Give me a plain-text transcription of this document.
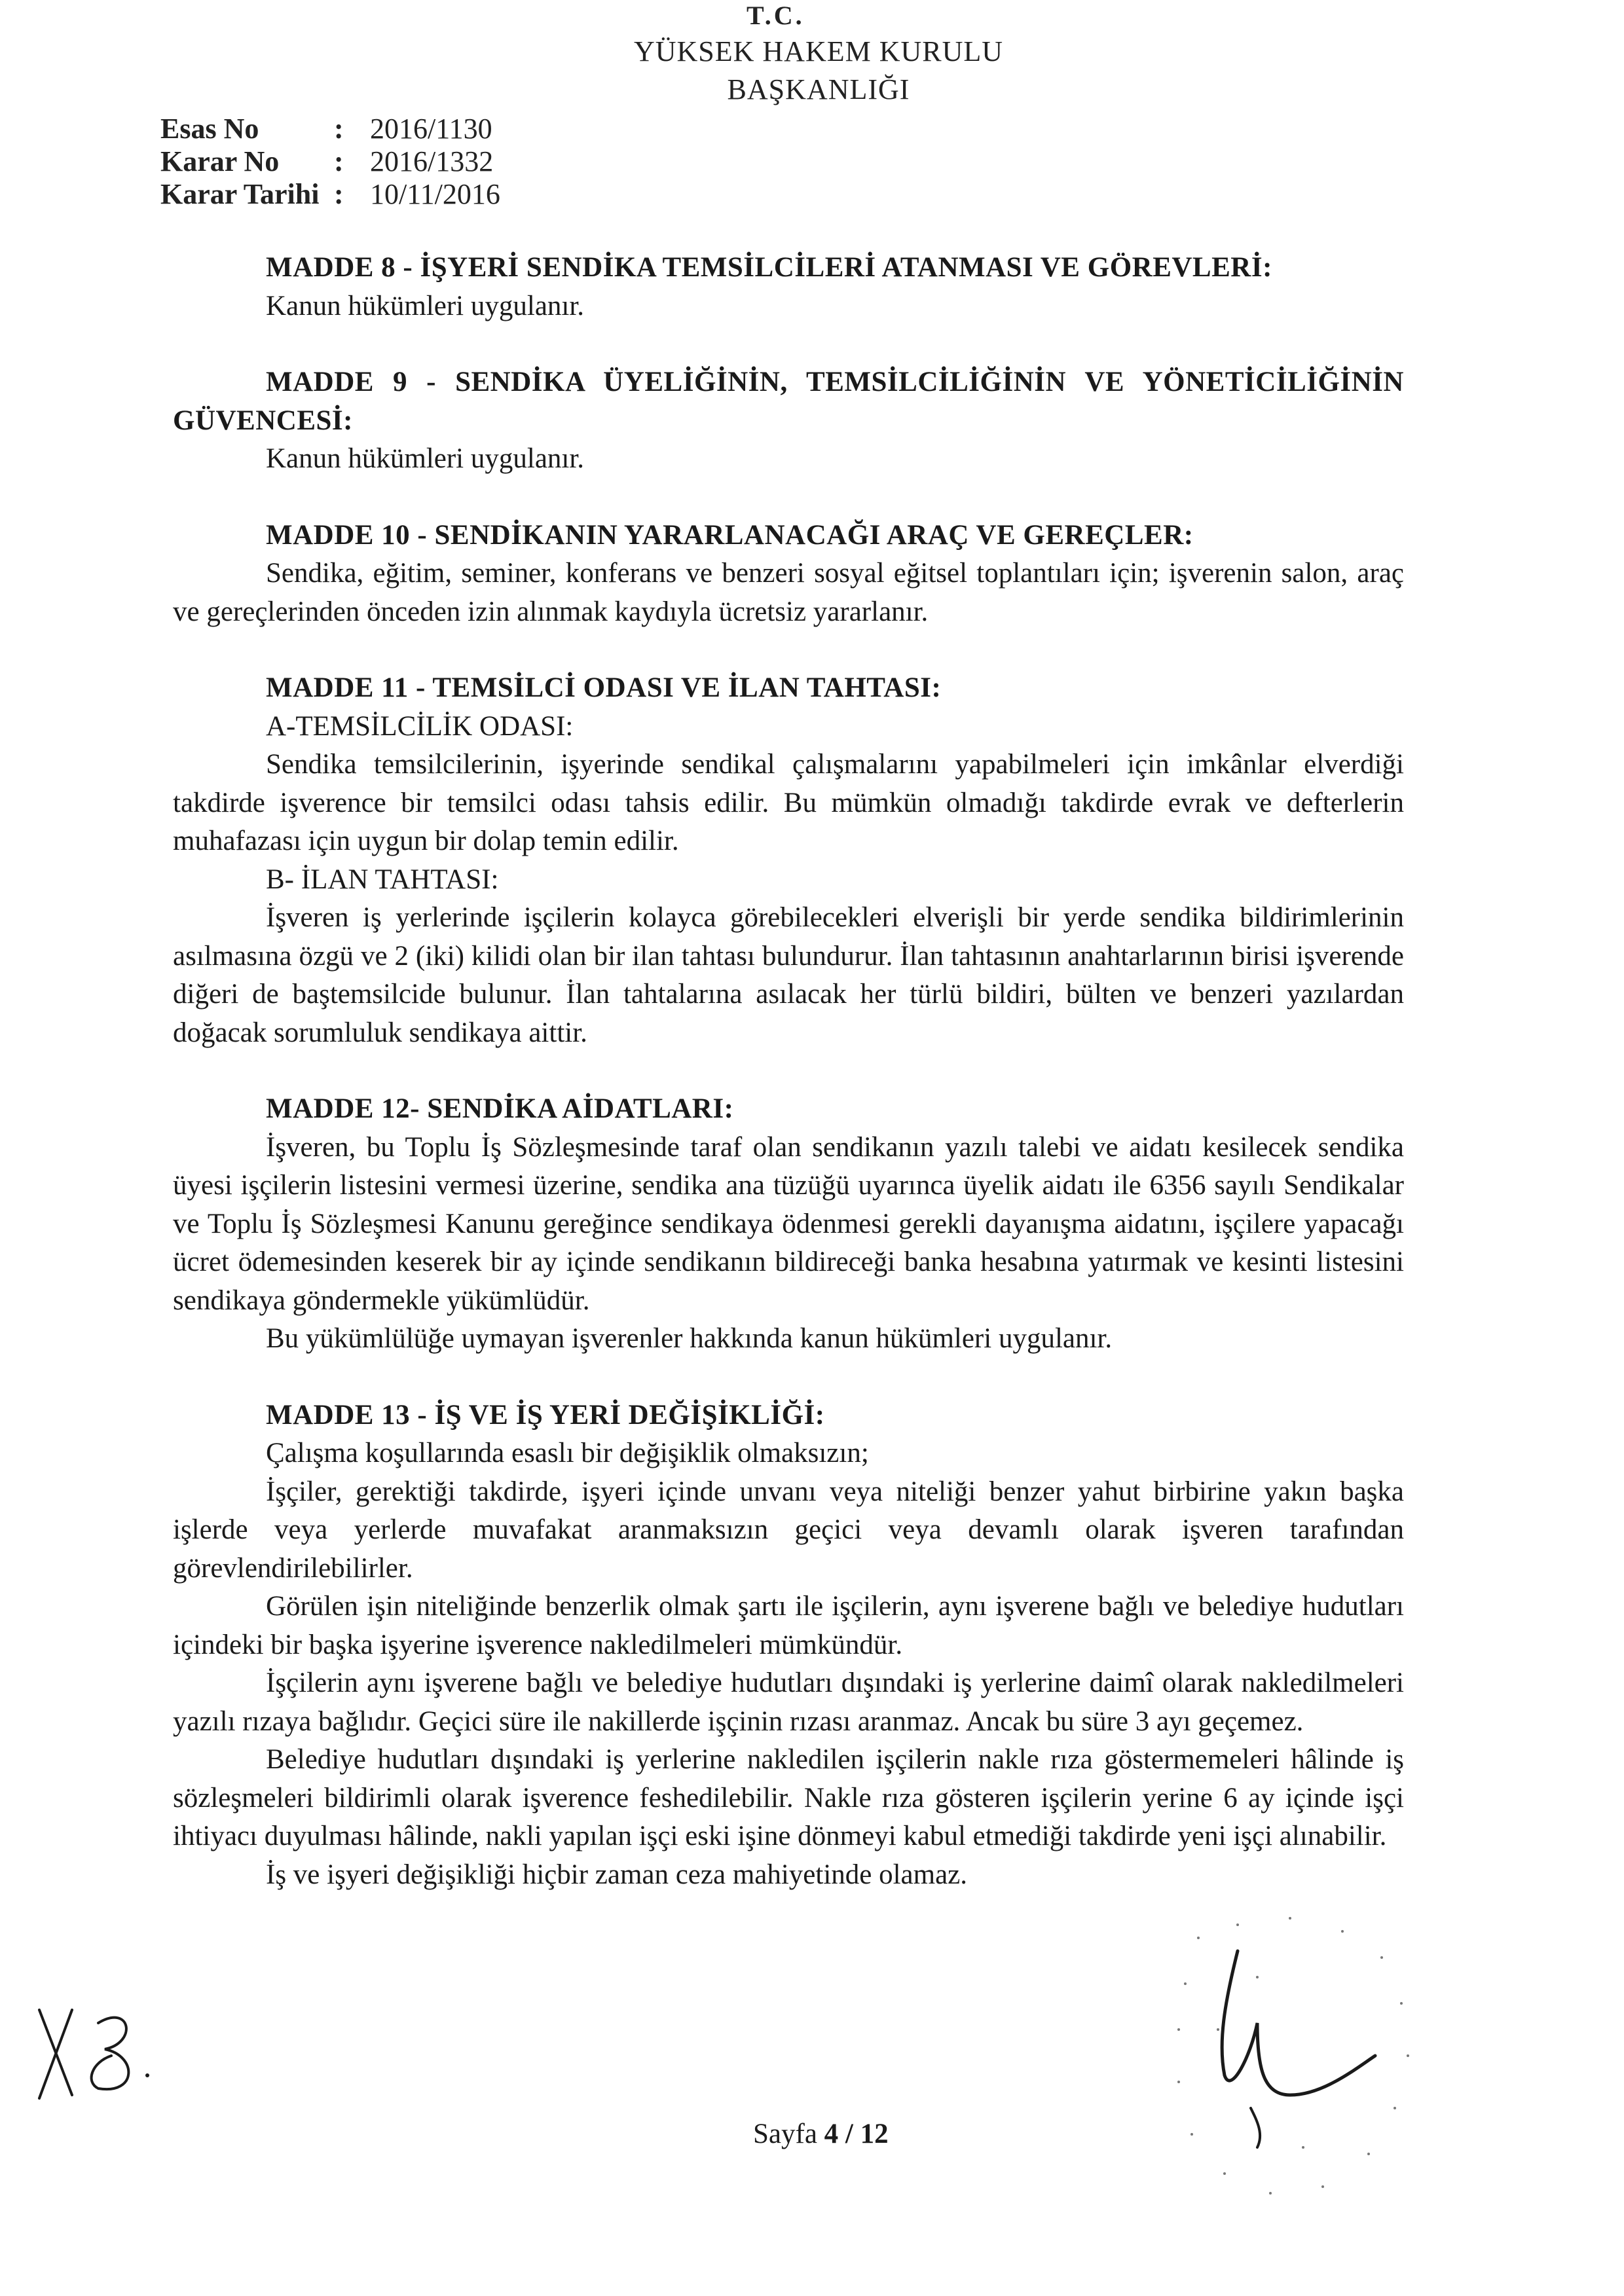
T.C.
YÜKSEK HAKEM KURULU
BAŞKANLIĞI
Esas No	: 2016/1130
Karar No	: 2016/1332
Karar Tarihi : 10/11/2016

MADDE 8 - İŞYERİ SENDİKA TEMSİLCİLERİ ATANMASI VE GÖREVLERİ:

Kanun hükümleri uygulanır.

MADDE 9 - SENDİKA ÜYELİĞİNİN, TEMSİLCİLİĞİNİN VE YÖNETİCİLİĞİNİN GÜVENCESİ:

Kanun hükümleri uygulanır.

MADDE 10 - SENDİKANIN YARARLANACAĞI ARAÇ VE GEREÇLER:

Sendika, eğitim, seminer, konferans ve benzeri sosyal eğitsel toplantıları için; işverenin salon, araç ve gereçlerinden önceden izin alınmak kaydıyla ücretsiz yararlanır.

MADDE 11 - TEMSİLCİ ODASI VE İLAN TAHTASI:

A-TEMSİLCİLİK ODASI:

Sendika temsilcilerinin, işyerinde sendikal çalışmalarını yapabilmeleri için imkânlar elverdiği takdirde işverence bir temsilci odası tahsis edilir. Bu mümkün olmadığı takdirde evrak ve defterlerin muhafazası için uygun bir dolap temin edilir.

B- İLAN TAHTASI:

İşveren iş yerlerinde işçilerin kolayca görebilecekleri elverişli bir yerde sendika bildirimlerinin asılmasına özgü ve 2 (iki) kilidi olan bir ilan tahtası bulundurur. İlan tahtasının anahtarlarının birisi işverende diğeri de baştemsilcide bulunur. İlan tahtalarına asılacak her türlü bildiri, bülten ve benzeri yazılardan doğacak sorumluluk sendikaya aittir.

MADDE 12- SENDİKA AİDATLARI:

İşveren, bu Toplu İş Sözleşmesinde taraf olan sendikanın yazılı talebi ve aidatı kesilecek sendika üyesi işçilerin listesini vermesi üzerine, sendika ana tüzüğü uyarınca üyelik aidatı ile 6356 sayılı Sendikalar ve Toplu İş Sözleşmesi Kanunu gereğince sendikaya ödenmesi gerekli dayanışma aidatını, işçilere yapacağı ücret ödemesinden keserek bir ay içinde sendikanın bildireceği banka hesabına yatırmak ve kesinti listesini sendikaya göndermekle yükümlüdür.

Bu yükümlülüğe uymayan işverenler hakkında kanun hükümleri uygulanır.

MADDE 13 - İŞ VE İŞ YERİ DEĞİŞİKLİĞİ:

Çalışma koşullarında esaslı bir değişiklik olmaksızın;

İşçiler, gerektiği takdirde, işyeri içinde unvanı veya niteliği benzer yahut birbirine yakın başka işlerde veya yerlerde muvafakat aranmaksızın geçici veya devamlı olarak işveren tarafından görevlendirilebilirler.

Görülen işin niteliğinde benzerlik olmak şartı ile işçilerin, aynı işverene bağlı ve belediye hudutları içindeki bir başka işyerine işverence nakledilmeleri mümkündür.

İşçilerin aynı işverene bağlı ve belediye hudutları dışındaki iş yerlerine daimî olarak nakledilmeleri yazılı rızaya bağlıdır. Geçici süre ile nakillerde işçinin rızası aranmaz. Ancak bu süre 3 ayı geçemez.

Belediye hudutları dışındaki iş yerlerine nakledilen işçilerin nakle rıza göstermemeleri hâlinde iş sözleşmeleri bildirimli olarak işverence feshedilebilir. Nakle rıza gösteren işçilerin yerine 6 ay içinde işçi ihtiyacı duyulması hâlinde, nakli yapılan işçi eski işine dönmeyi kabul etmediği takdirde yeni işçi alınabilir.

İş ve işyeri değişikliği hiçbir zaman ceza mahiyetinde olamaz.

Sayfa 4 / 12
